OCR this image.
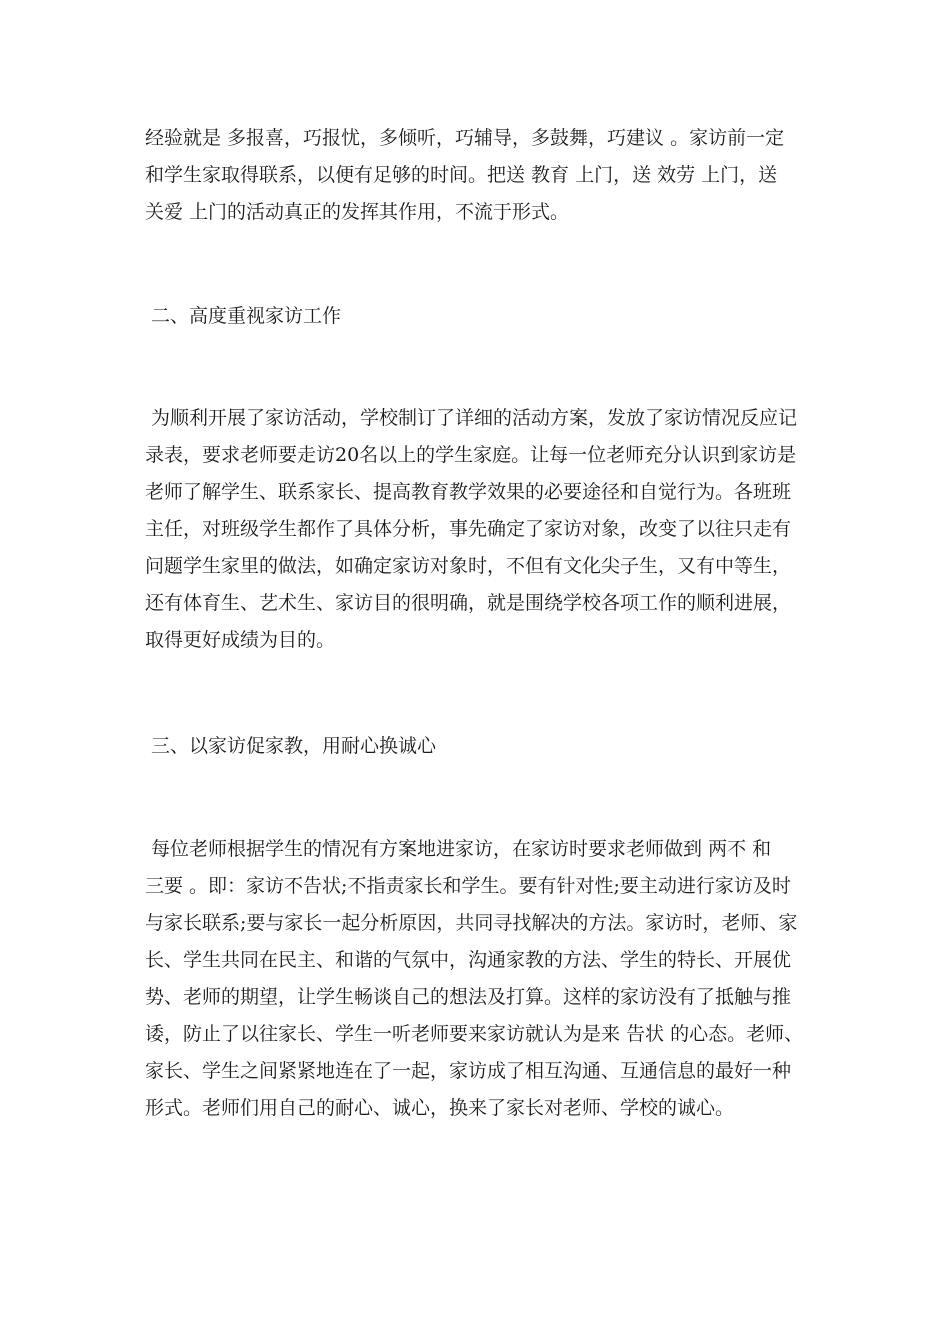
经验就是 多报喜，巧报忧，多倾听，巧辅导，多鼓舞，巧建议 。家访前一定

和学生家取得联系，以便有足够的时间。把送 教育 上门，送 效劳 上门，送

关爱 上门的活动真正的发挥其作用，不流于形式。

二、高度重视家访工作

为顺利开展了家访活动，学校制订了详细的活动方案，发放了家访情况反应记

录表，要求老师要走访20名以上的学生家庭。让每一位老师充分认识到家访是

老师了解学生、联系家长、提高教育教学效果的必要途径和自觉行为。各班班

主任，对班级学生都作了具体分析，事先确定了家访对象，改变了以往只走有

问题学生家里的做法，如确定家访对象时，不但有文化尖子生，又有中等生，

还有体育生、艺术生、家访目的很明确，就是围绕学校各项工作的顺利进展，

取得更好成绩为目的。

三、以家访促家教，用耐心换诚心

每位老师根据学生的情况有方案地进家访，在家访时要求老师做到 两不 和

三要 。即：家访不告状;不指责家长和学生。要有针对性;要主动进行家访及时

与家长联系;要与家长一起分析原因，共同寻找解决的方法。家访时，老师、家

长、学生共同在民主、和谐的气氛中，沟通家教的方法、学生的特长、开展优

势、老师的期望，让学生畅谈自己的想法及打算。这样的家访没有了抵触与推

诿，防止了以往家长、学生一听老师要来家访就认为是来 告状 的心态。老师、

家长、学生之间紧紧地连在了一起，家访成了相互沟通、互通信息的最好一种

形式。老师们用自己的耐心、诚心，换来了家长对老师、学校的诚心。
